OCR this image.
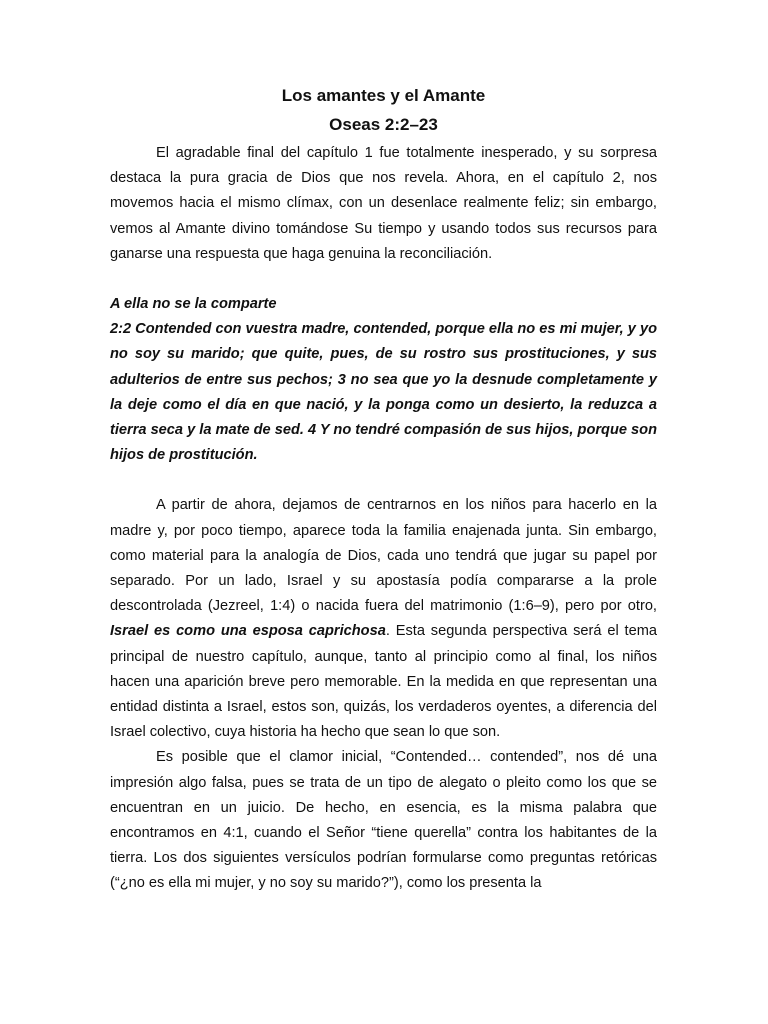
Los amantes y el Amante
Oseas 2:2–23

El agradable final del capítulo 1 fue totalmente inesperado, y su sorpresa destaca la pura gracia de Dios que nos revela. Ahora, en el capítulo 2, nos movemos hacia el mismo clímax, con un desenlace realmente feliz; sin embargo, vemos al Amante divino tomándose Su tiempo y usando todos sus recursos para ganarse una respuesta que haga genuina la reconciliación.

A ella no se la comparte

2:2 Contended con vuestra madre, contended, porque ella no es mi mujer, y yo no soy su marido; que quite, pues, de su rostro sus prostituciones, y sus adulterios de entre sus pechos; 3 no sea que yo la desnude completamente y la deje como el día en que nació, y la ponga como un desierto, la reduzca a tierra seca y la mate de sed. 4 Y no tendré compasión de sus hijos, porque son hijos de prostitución.

A partir de ahora, dejamos de centrarnos en los niños para hacerlo en la madre y, por poco tiempo, aparece toda la familia enajenada junta. Sin embargo, como material para la analogía de Dios, cada uno tendrá que jugar su papel por separado. Por un lado, Israel y su apostasía podía compararse a la prole descontrolada (Jezreel, 1:4) o nacida fuera del matrimonio (1:6–9), pero por otro, Israel es como una esposa caprichosa. Esta segunda perspectiva será el tema principal de nuestro capítulo, aunque, tanto al principio como al final, los niños hacen una aparición breve pero memorable. En la medida en que representan una entidad distinta a Israel, estos son, quizás, los verdaderos oyentes, a diferencia del Israel colectivo, cuya historia ha hecho que sean lo que son.

Es posible que el clamor inicial, “Contended… contended”, nos dé una impresión algo falsa, pues se trata de un tipo de alegato o pleito como los que se encuentran en un juicio. De hecho, en esencia, es la misma palabra que encontramos en 4:1, cuando el Señor “tiene querella” contra los habitantes de la tierra. Los dos siguientes versículos podrían formularse como preguntas retóricas (“¿no es ella mi mujer, y no soy su marido?”), como los presenta la
